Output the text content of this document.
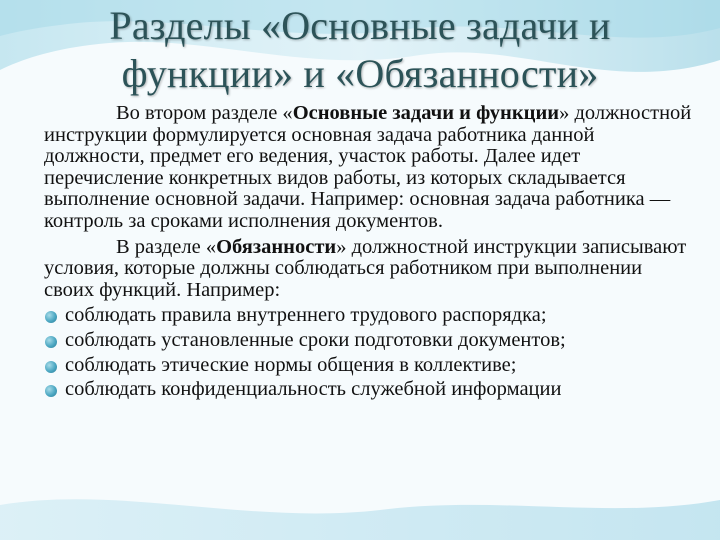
Разделы «Основные задачи и
функции» и «Обязанности»

Во втором разделе «Основные задачи и функции» должностной инструкции формулируется основная задача работника данной должности, предмет его ведения, участок работы. Далее идет перечисление конкретных видов работы, из которых складывается выполнение основной задачи. Например: основная задача работника — контроль за сроками исполнения документов.

В разделе «Обязанности» должностной инструкции записывают условия, которые должны соблюдаться работником при выполнении своих функций. Например:

соблюдать правила внутреннего трудового распорядка;
соблюдать установленные сроки подготовки документов;
соблюдать этические нормы общения в коллективе;
соблюдать конфиденциальность служебной информации
